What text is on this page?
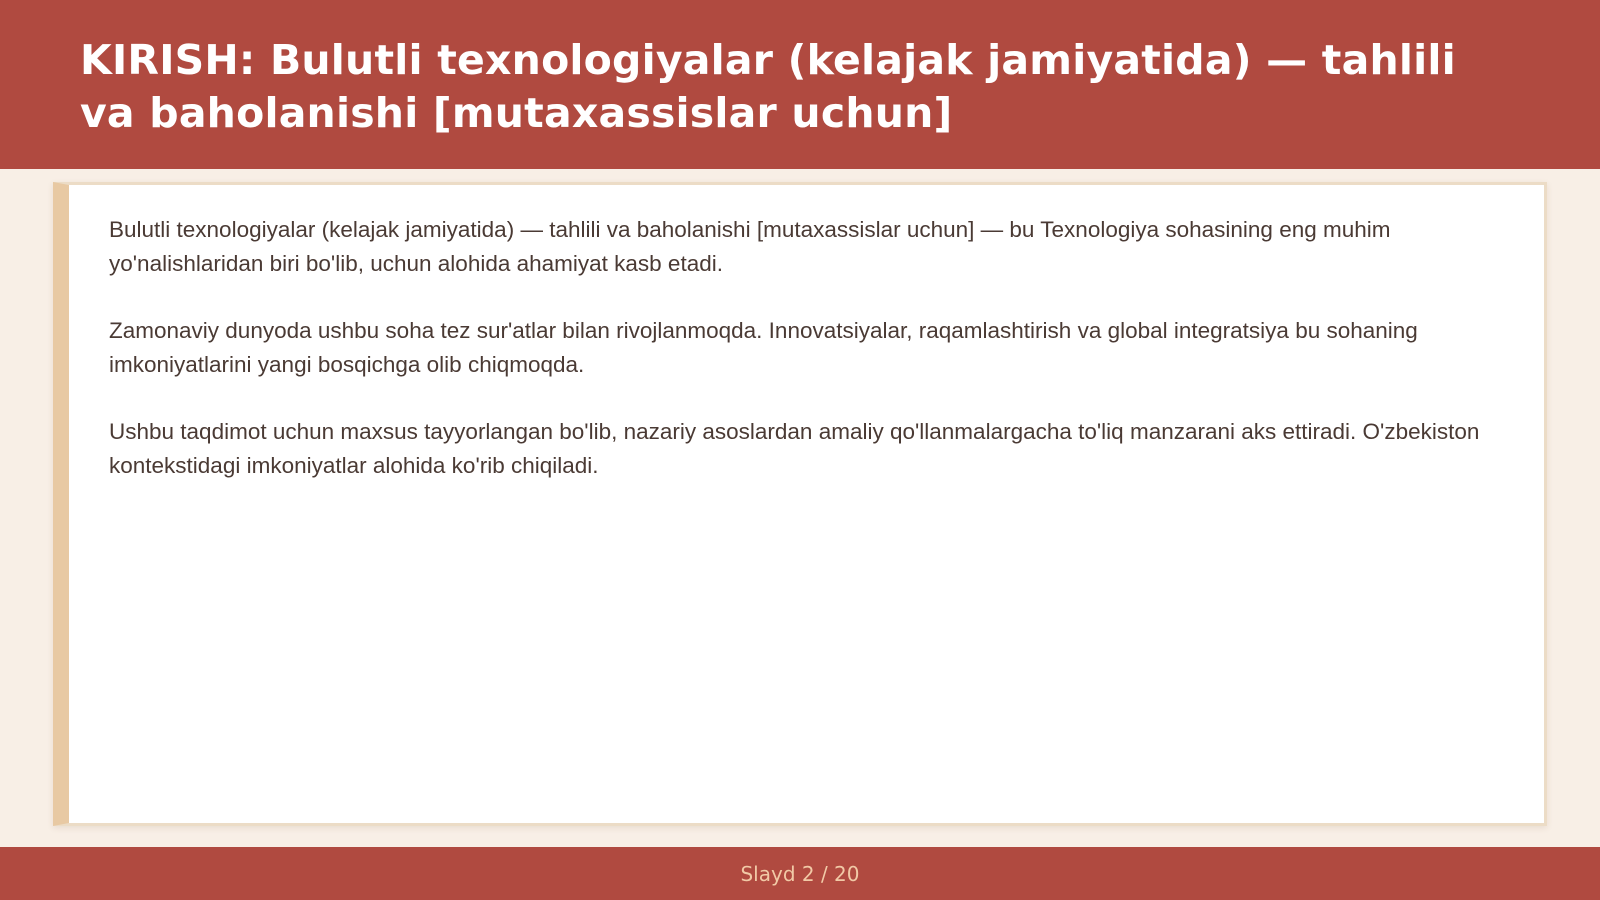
KIRISH: Bulutli texnologiyalar (kelajak jamiyatida) — tahlili va baholanishi [mutaxassislar uchun]

Bulutli texnologiyalar (kelajak jamiyatida) — tahlili va baholanishi [mutaxassislar uchun] — bu Texnologiya sohasining eng muhim yo'nalishlaridan biri bo'lib, uchun alohida ahamiyat kasb etadi.

Zamonaviy dunyoda ushbu soha tez sur'atlar bilan rivojlanmoqda. Innovatsiyalar, raqamlashtirish va global integratsiya bu sohaning imkoniyatlarini yangi bosqichga olib chiqmoqda.

Ushbu taqdimot uchun maxsus tayyorlangan bo'lib, nazariy asoslardan amaliy qo'llanmalargacha to'liq manzarani aks ettiradi. O'zbekiston kontekstidagi imkoniyatlar alohida ko'rib chiqiladi.

Slayd 2 / 20
